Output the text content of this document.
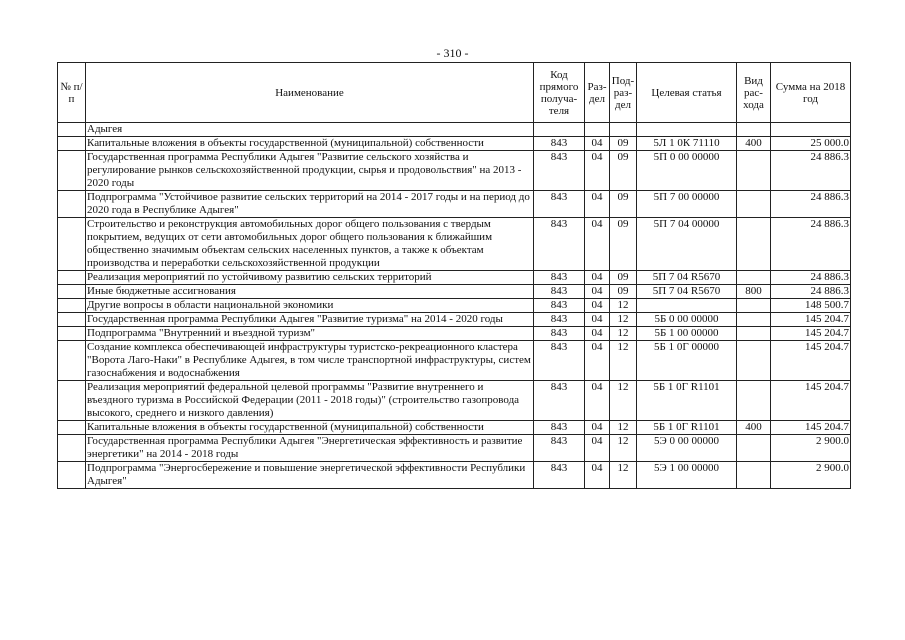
- 310 -
№ п/п	Наименование	Код прямого получа-теля	Раз-дел	Под-раз-дел	Целевая статья	Вид рас-хода	Сумма на 2018 год
	Адыгея						
	Капитальные вложения в объекты государственной (муниципальной) собственности	843	04	09	5Л 1 0К 71110	400	25 000.0
	Государственная программа Республики Адыгея "Развитие сельского хозяйства и регулирование рынков сельскохозяйственной продукции, сырья и продовольствия" на 2013 - 2020 годы	843	04	09	5П 0 00 00000		24 886.3
	Подпрограмма "Устойчивое развитие сельских территорий на 2014 - 2017 годы и на период до 2020 года в Республике Адыгея"	843	04	09	5П 7 00 00000		24 886.3
	Строительство и реконструкция автомобильных дорог общего пользования с твердым покрытием, ведущих от сети автомобильных дорог общего пользования к ближайшим общественно значимым объектам сельских населенных пунктов, а также к объектам производства и переработки сельскохозяйственной продукции	843	04	09	5П 7 04 00000		24 886.3
	Реализация мероприятий по устойчивому развитию сельских территорий	843	04	09	5П 7 04 R5670		24 886.3
	Иные бюджетные ассигнования	843	04	09	5П 7 04 R5670	800	24 886.3
	Другие вопросы в области национальной экономики	843	04	12			148 500.7
	Государственная программа Республики Адыгея "Развитие туризма" на 2014 - 2020 годы	843	04	12	5Б 0 00 00000		145 204.7
	Подпрограмма "Внутренний и въездной туризм"	843	04	12	5Б 1 00 00000		145 204.7
	Создание комплекса обеспечивающей инфраструктуры туристско-рекреационного кластера "Ворота Лаго-Наки" в Республике Адыгея, в том числе транспортной инфраструктуры, систем газоснабжения и водоснабжения	843	04	12	5Б 1 0Г 00000		145 204.7
	Реализация мероприятий федеральной целевой программы "Развитие внутреннего и въездного туризма в Российской Федерации (2011 - 2018 годы)" (строительство газопровода высокого, среднего и низкого давления)	843	04	12	5Б 1 0Г R1101		145 204.7
	Капитальные вложения в объекты государственной (муниципальной) собственности	843	04	12	5Б 1 0Г R1101	400	145 204.7
	Государственная программа Республики Адыгея "Энергетическая эффективность и развитие энергетики" на 2014 - 2018 годы	843	04	12	5Э 0 00 00000		2 900.0
	Подпрограмма "Энергосбережение и повышение энергетической эффективности Республики Адыгея"	843	04	12	5Э 1 00 00000		2 900.0
